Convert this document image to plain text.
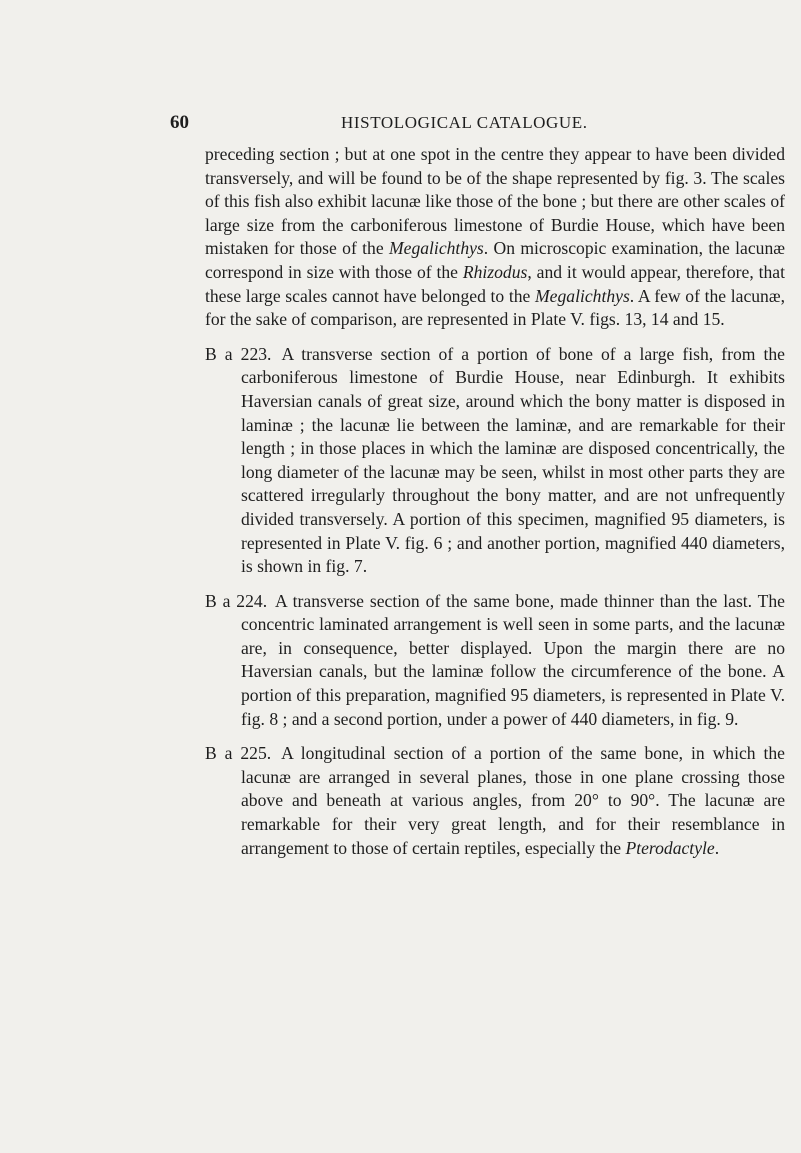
60	HISTOLOGICAL CATALOGUE.

preceding section ; but at one spot in the centre they appear to have been divided transversely, and will be found to be of the shape represented by fig. 3. The scales of this fish also exhibit lacunæ like those of the bone ; but there are other scales of large size from the carboniferous limestone of Burdie House, which have been mistaken for those of the Megalichthys. On microscopic examination, the lacunæ correspond in size with those of the Rhizodus, and it would appear, therefore, that these large scales cannot have belonged to the Megalichthys. A few of the lacunæ, for the sake of comparison, are represented in Plate V. figs. 13, 14 and 15.

B a 223. A transverse section of a portion of bone of a large fish, from the carboniferous limestone of Burdie House, near Edinburgh. It exhibits Haversian canals of great size, around which the bony matter is disposed in laminæ ; the lacunæ lie between the laminæ, and are remarkable for their length ; in those places in which the laminæ are disposed concentrically, the long diameter of the lacunæ may be seen, whilst in most other parts they are scattered irregularly throughout the bony matter, and are not unfrequently divided transversely. A portion of this specimen, magnified 95 diameters, is represented in Plate V. fig. 6 ; and another portion, magnified 440 diameters, is shown in fig. 7.

B a 224. A transverse section of the same bone, made thinner than the last. The concentric laminated arrangement is well seen in some parts, and the lacunæ are, in consequence, better displayed. Upon the margin there are no Haversian canals, but the laminæ follow the circumference of the bone. A portion of this preparation, magnified 95 diameters, is represented in Plate V. fig. 8 ; and a second portion, under a power of 440 diameters, in fig. 9.

B a 225. A longitudinal section of a portion of the same bone, in which the lacunæ are arranged in several planes, those in one plane crossing those above and beneath at various angles, from 20° to 90°. The lacunæ are remarkable for their very great length, and for their resemblance in arrangement to those of certain reptiles, especially the Pterodactyle.
